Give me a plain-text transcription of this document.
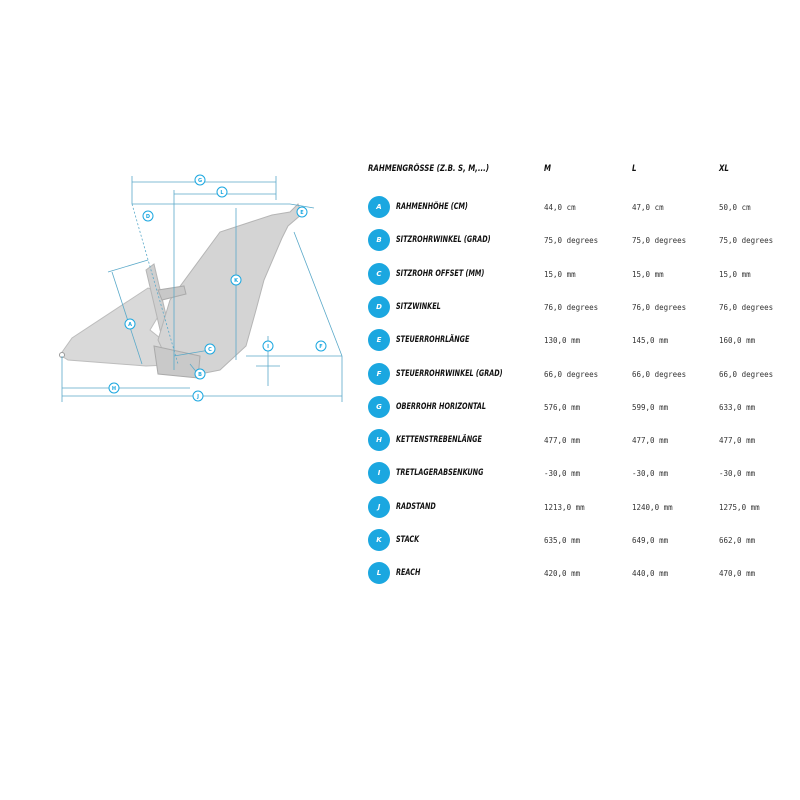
G
L
D
E
K
A
C	I	F
B
H
J
RAHMENGRÖSSE (Z.B. S, M,...)	M	L	XL
A	RAHMENHÖHE (CM)	44,0 cm	47,0 cm	50,0 cm
B	SITZROHRWINKEL (GRAD)	75,0 degrees	75,0 degrees	75,0 degrees
C	SITZROHR OFFSET (MM)	15,0 mm	15,0 mm	15,0 mm
D	SITZWINKEL	76,0 degrees	76,0 degrees	76,0 degrees
E	STEUERROHRLÄNGE	130,0 mm	145,0 mm	160,0 mm
F	STEUERROHRWINKEL (GRAD)	66,0 degrees	66,0 degrees	66,0 degrees
G	OBERROHR HORIZONTAL	576,0 mm	599,0 mm	633,0 mm
H	KETTENSTREBENLÄNGE	477,0 mm	477,0 mm	477,0 mm
I	TRETLAGERABSENKUNG	-30,0 mm	-30,0 mm	-30,0 mm
J	RADSTAND	1213,0 mm	1240,0 mm	1275,0 mm
K	STACK	635,0 mm	649,0 mm	662,0 mm
L	REACH	420,0 mm	440,0 mm	470,0 mm
